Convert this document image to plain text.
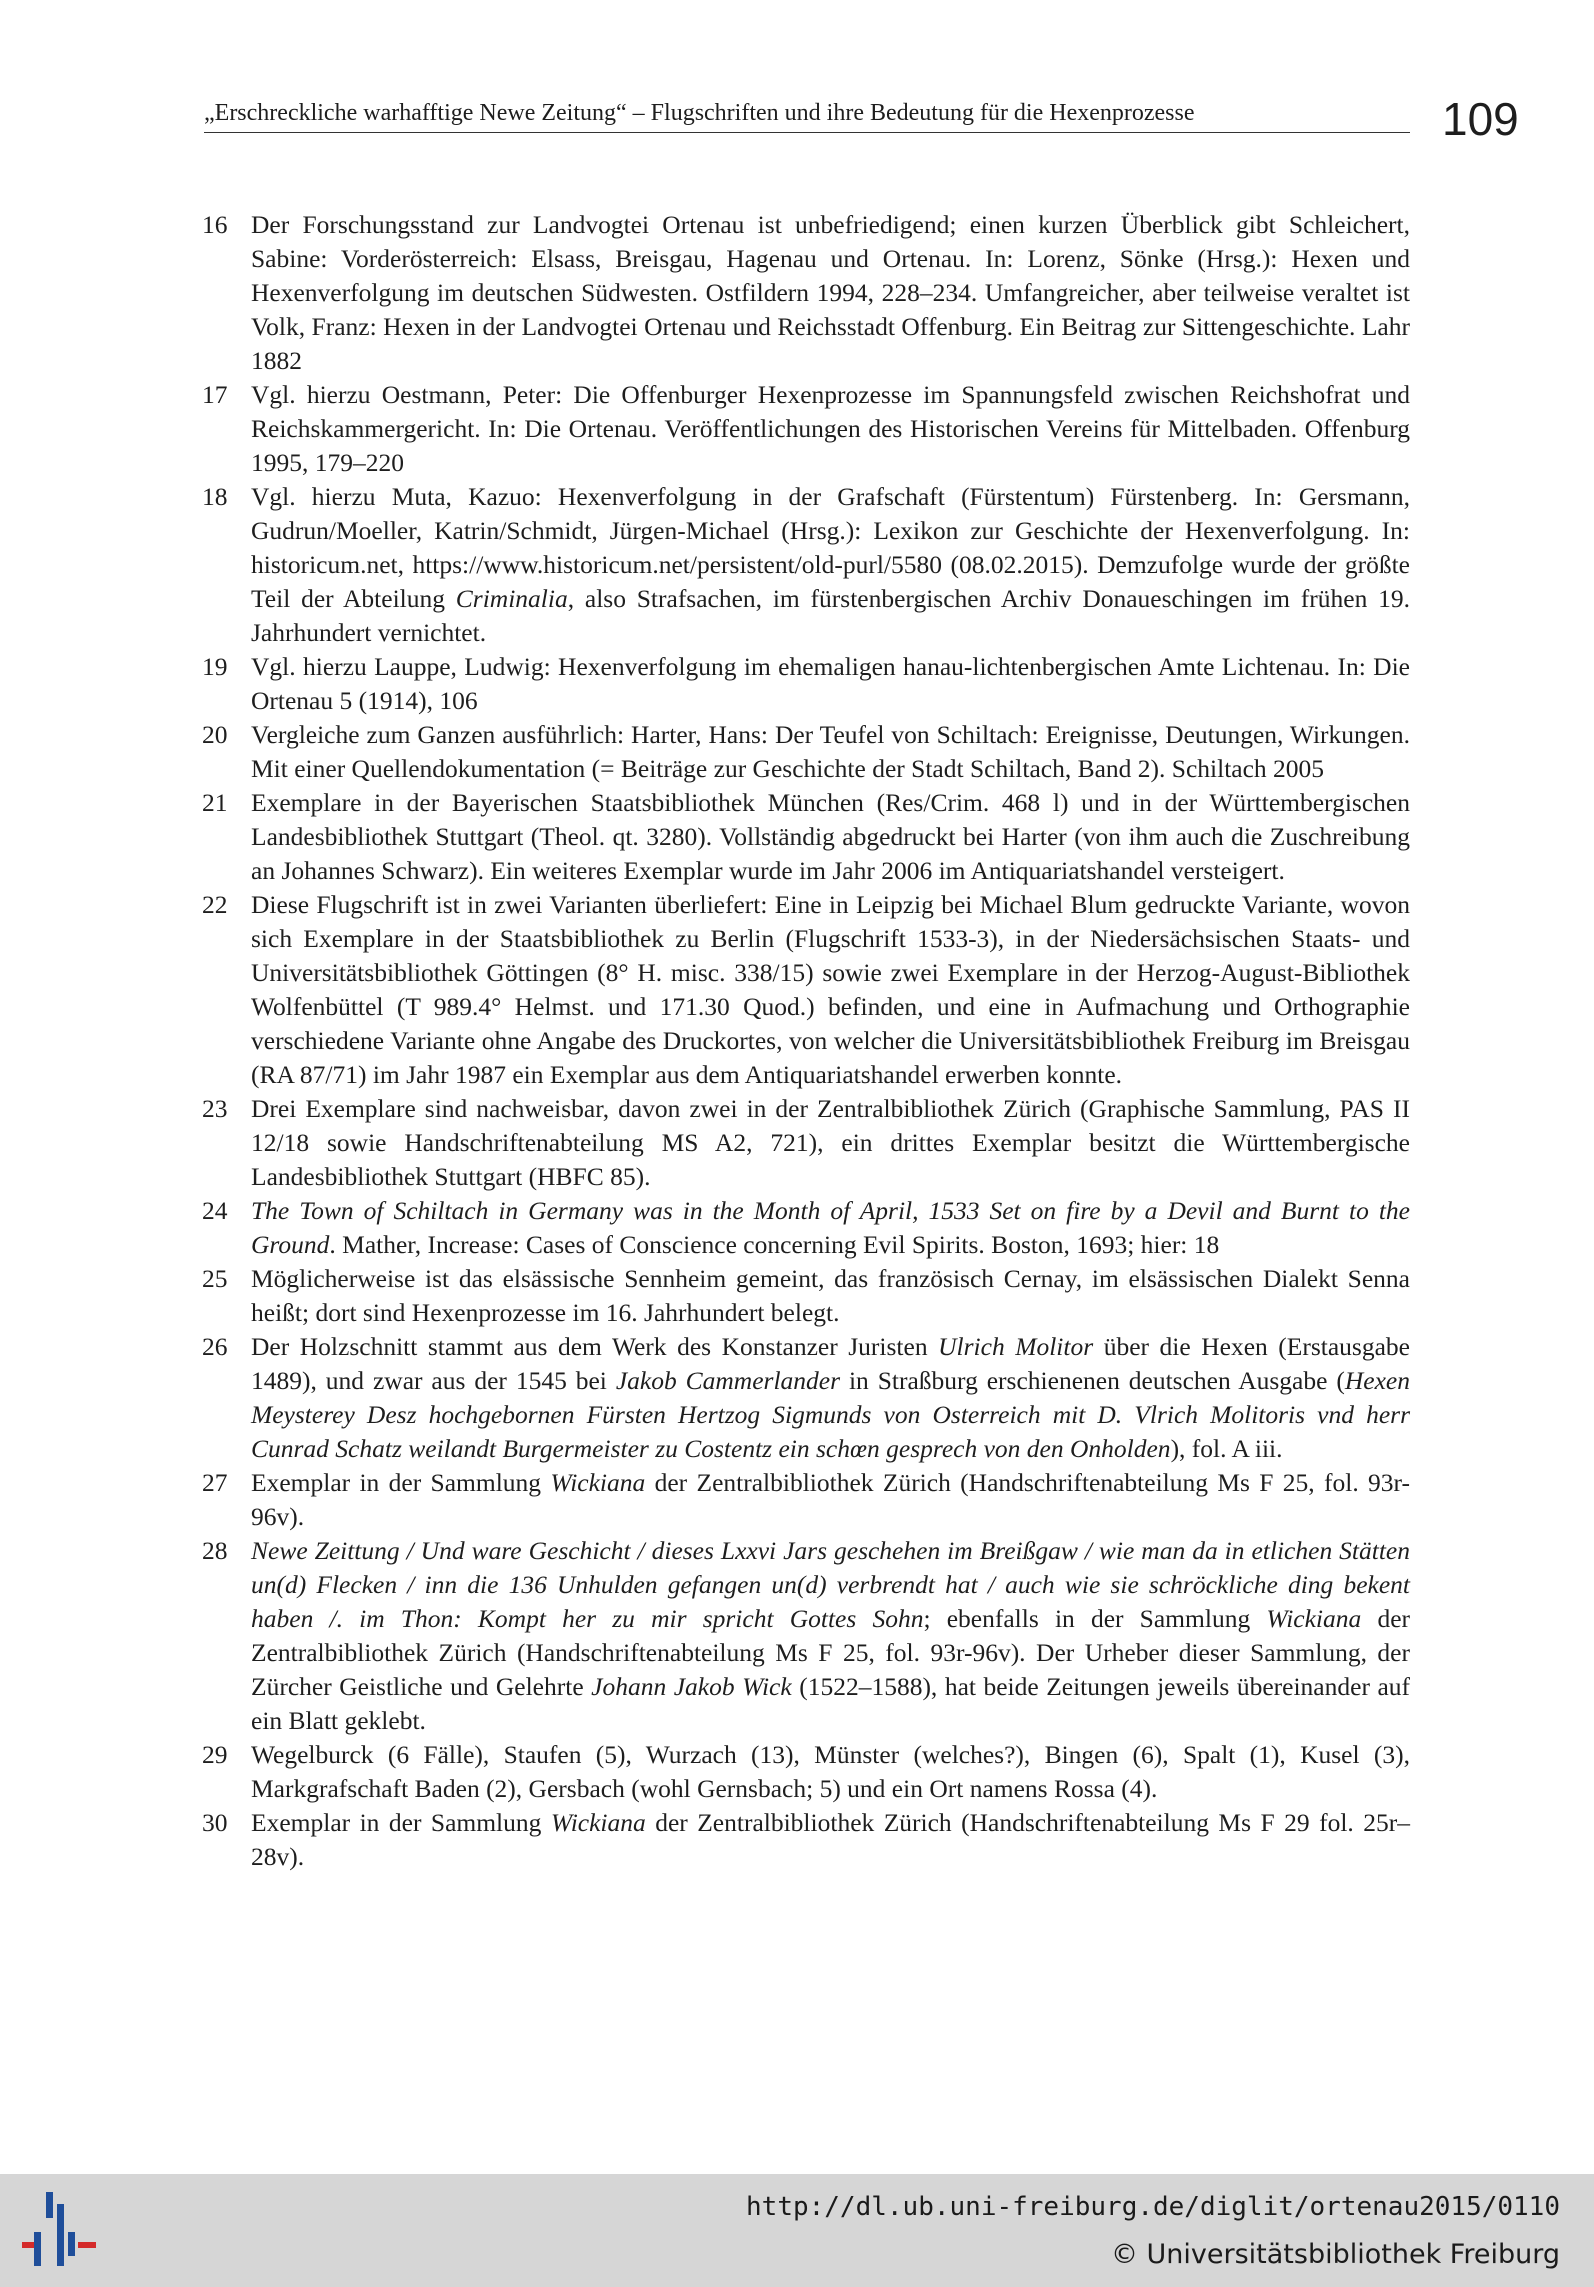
„Erschreckliche warhafftige Newe Zeitung“ – Flugschriften und ihre Bedeutung für die Hexenprozesse	109
16 Der Forschungsstand zur Landvogtei Ortenau ist unbefriedigend; einen kurzen Überblick gibt Schleichert, Sabine: Vorderösterreich: Elsass, Breisgau, Hagenau und Ortenau. In: Lorenz, Sönke (Hrsg.): Hexen und Hexenverfolgung im deutschen Südwesten. Ostfildern 1994, 228–234. Umfangreicher, aber teilweise veraltet ist Volk, Franz: Hexen in der Landvogtei Ortenau und Reichsstadt Offenburg. Ein Beitrag zur Sittengeschichte. Lahr 1882
17 Vgl. hierzu Oestmann, Peter: Die Offenburger Hexenprozesse im Spannungsfeld zwischen Reichshofrat und Reichskammergericht. In: Die Ortenau. Veröffentlichungen des Historischen Vereins für Mittelbaden. Offenburg 1995, 179–220
18 Vgl. hierzu Muta, Kazuo: Hexenverfolgung in der Grafschaft (Fürstentum) Fürstenberg. In: Gersmann, Gudrun/Moeller, Katrin/Schmidt, Jürgen-Michael (Hrsg.): Lexikon zur Geschichte der Hexenverfolgung. In: historicum.net, https://www.historicum.net/persistent/old-purl/5580 (08.02.2015). Demzufolge wurde der größte Teil der Abteilung Criminalia, also Strafsachen, im fürstenbergischen Archiv Donaueschingen im frühen 19. Jahrhundert vernichtet.
19 Vgl. hierzu Lauppe, Ludwig: Hexenverfolgung im ehemaligen hanau-lichtenbergischen Amte Lichtenau. In: Die Ortenau 5 (1914), 106
20 Vergleiche zum Ganzen ausführlich: Harter, Hans: Der Teufel von Schiltach: Ereignisse, Deutungen, Wirkungen. Mit einer Quellendokumentation (= Beiträge zur Geschichte der Stadt Schiltach, Band 2). Schiltach 2005
21 Exemplare in der Bayerischen Staatsbibliothek München (Res/Crim. 468 l) und in der Württembergischen Landesbibliothek Stuttgart (Theol. qt. 3280). Vollständig abgedruckt bei Harter (von ihm auch die Zuschreibung an Johannes Schwarz). Ein weiteres Exemplar wurde im Jahr 2006 im Antiquariatshandel versteigert.
22 Diese Flugschrift ist in zwei Varianten überliefert: Eine in Leipzig bei Michael Blum gedruckte Variante, wovon sich Exemplare in der Staatsbibliothek zu Berlin (Flugschrift 1533-3), in der Niedersächsischen Staats- und Universitätsbibliothek Göttingen (8° H. misc. 338/15) sowie zwei Exemplare in der Herzog-August-Bibliothek Wolfenbüttel (T 989.4° Helmst. und 171.30 Quod.) befinden, und eine in Aufmachung und Orthographie verschiedene Variante ohne Angabe des Druckortes, von welcher die Universitätsbibliothek Freiburg im Breisgau (RA 87/71) im Jahr 1987 ein Exemplar aus dem Antiquariatshandel erwerben konnte.
23 Drei Exemplare sind nachweisbar, davon zwei in der Zentralbibliothek Zürich (Graphische Sammlung, PAS II 12/18 sowie Handschriftenabteilung MS A2, 721), ein drittes Exemplar besitzt die Württembergische Landesbibliothek Stuttgart (HBFC 85).
24 The Town of Schiltach in Germany was in the Month of April, 1533 Set on fire by a Devil and Burnt to the Ground. Mather, Increase: Cases of Conscience concerning Evil Spirits. Boston, 1693; hier: 18
25 Möglicherweise ist das elsässische Sennheim gemeint, das französisch Cernay, im elsässischen Dialekt Senna heißt; dort sind Hexenprozesse im 16. Jahrhundert belegt.
26 Der Holzschnitt stammt aus dem Werk des Konstanzer Juristen Ulrich Molitor über die Hexen (Erstausgabe 1489), und zwar aus der 1545 bei Jakob Cammerlander in Straßburg erschienenen deutschen Ausgabe (Hexen Meysterey Desz hochgebornen Fürsten Hertzog Sigmunds von Osterreich mit D. Vlrich Molitoris vnd herr Cunrad Schatz weilandt Burgermeister zu Costentz ein schœn gesprech von den Onholden), fol. A iii.
27 Exemplar in der Sammlung Wickiana der Zentralbibliothek Zürich (Handschriftenabteilung Ms F 25, fol. 93r-96v).
28 Newe Zeittung / Und ware Geschicht / dieses Lxxvi Jars geschehen im Breißgaw / wie man da in etlichen Stätten un(d) Flecken / inn die 136 Unhulden gefangen un(d) verbrendt hat / auch wie sie schröckliche ding bekent haben /. im Thon: Kompt her zu mir spricht Gottes Sohn; ebenfalls in der Sammlung Wickiana der Zentralbibliothek Zürich (Handschriftenabteilung Ms F 25, fol. 93r-96v). Der Urheber dieser Sammlung, der Zürcher Geistliche und Gelehrte Johann Jakob Wick (1522–1588), hat beide Zeitungen jeweils übereinander auf ein Blatt geklebt.
29 Wegelburck (6 Fälle), Staufen (5), Wurzach (13), Münster (welches?), Bingen (6), Spalt (1), Kusel (3), Markgrafschaft Baden (2), Gersbach (wohl Gernsbach; 5) und ein Ort namens Rossa (4).
30 Exemplar in der Sammlung Wickiana der Zentralbibliothek Zürich (Handschriftenabteilung Ms F 29 fol. 25r–28v).
http://dl.ub.uni-freiburg.de/diglit/ortenau2015/0110
© Universitätsbibliothek Freiburg
